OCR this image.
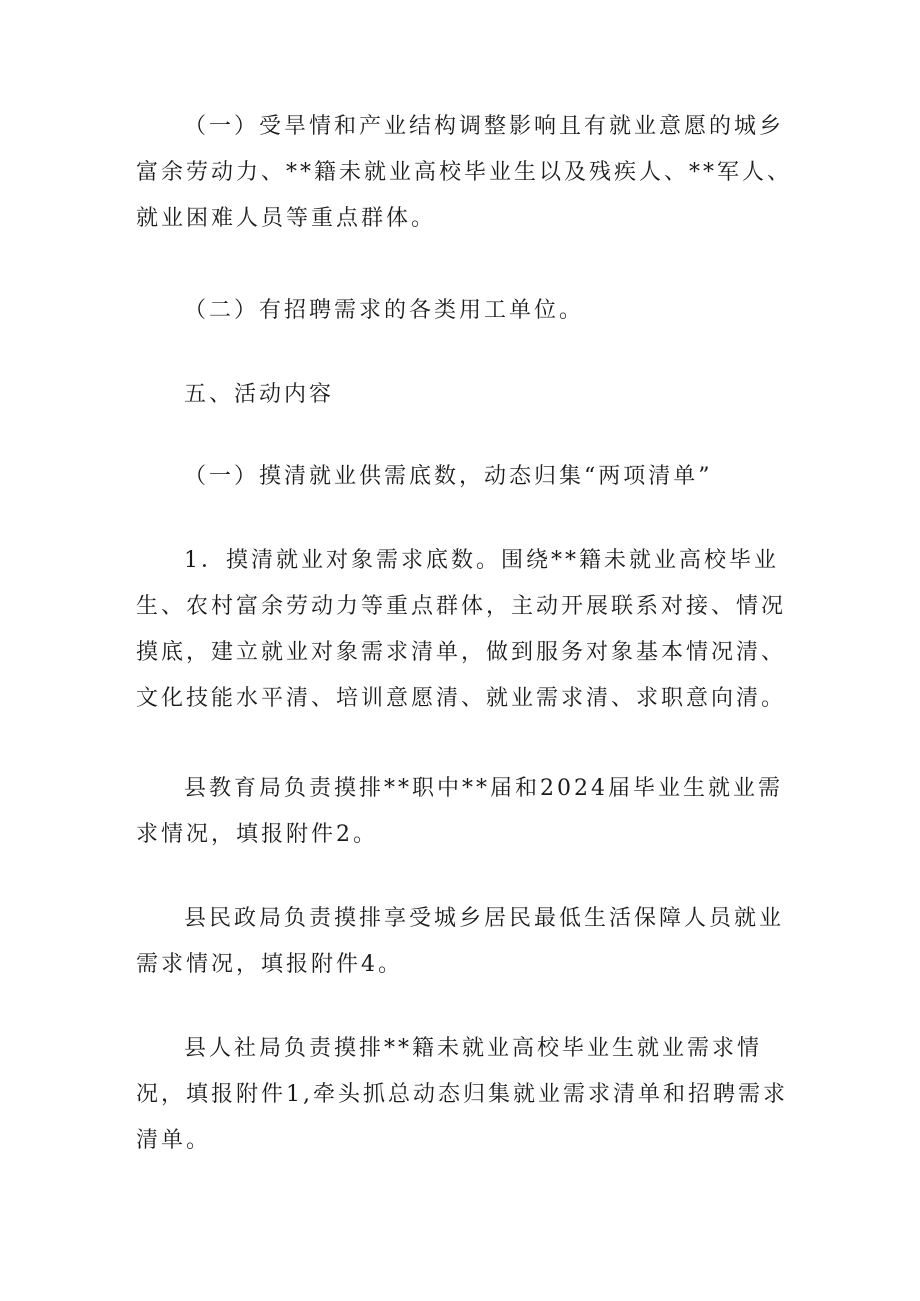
（一）受旱情和产业结构调整影响且有就业意愿的城乡富余劳动力、**籍未就业高校毕业生以及残疾人、**军人、就业困难人员等重点群体。

（二）有招聘需求的各类用工单位。

五、活动内容

（一）摸清就业供需底数，动态归集“两项清单”

1．摸清就业对象需求底数。围绕**籍未就业高校毕业生、农村富余劳动力等重点群体，主动开展联系对接、情况摸底，建立就业对象需求清单，做到服务对象基本情况清、文化技能水平清、培训意愿清、就业需求清、求职意向清。

县教育局负责摸排**职中**届和2024届毕业生就业需求情况，填报附件2。

县民政局负责摸排享受城乡居民最低生活保障人员就业需求情况，填报附件4。

县人社局负责摸排**籍未就业高校毕业生就业需求情况，填报附件1,牵头抓总动态归集就业需求清单和招聘需求清单。
